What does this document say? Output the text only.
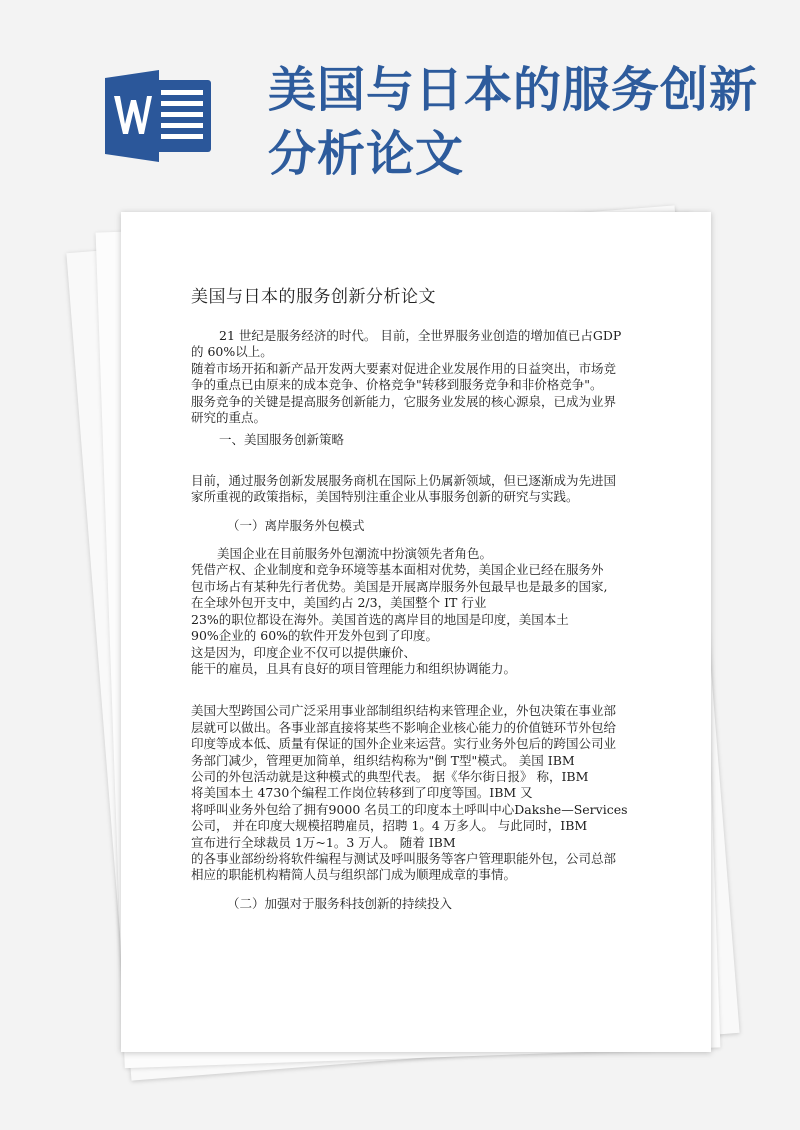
美国与日本的服务创新
分析论文
美国与日本的服务创新分析论文

21 世纪是服务经济的时代。 目前，全世界服务业创造的增加值已占GDP

的 60%以上。

随着市场开拓和新产品开发两大要素对促进企业发展作用的日益突出，市场竞

争的重点已由原来的成本竞争、价格竞争"转移到服务竞争和非价格竞争"。

服务竞争的关键是提高服务创新能力，它服务业发展的核心源泉，已成为业界

研究的重点。

一、美国服务创新策略

目前，通过服务创新发展服务商机在国际上仍属新领域，但已逐渐成为先进国

家所重视的政策指标，美国特别注重企业从事服务创新的研究与实践。

（一）离岸服务外包模式

美国企业在目前服务外包潮流中扮演领先者角色。

凭借产权、企业制度和竞争环境等基本面相对优势，美国企业已经在服务外

包市场占有某种先行者优势。美国是开展离岸服务外包最早也是最多的国家,

在全球外包开支中，美国约占 2/3，美国整个 IT 行业

23%的职位都设在海外。美国首选的离岸目的地国是印度，美国本土

90%企业的 60%的软件开发外包到了印度。

这是因为，印度企业不仅可以提供廉价、

能干的雇员，且具有良好的项目管理能力和组织协调能力。

美国大型跨国公司广泛采用事业部制组织结构来管理企业，外包决策在事业部

层就可以做出。各事业部直接将某些不影响企业核心能力的价值链环节外包给

印度等成本低、质量有保证的国外企业来运营。实行业务外包后的跨国公司业

务部门减少，管理更加简单，组织结构称为"倒 T型"模式。 美国 IBM

公司的外包活动就是这种模式的典型代表。 据《华尔街日报》 称，IBM

将美国本土 4730个编程工作岗位转移到了印度等国。IBM 又

将呼叫业务外包给了拥有9000 名员工的印度本土呼叫中心Dakshe—Services

公司， 并在印度大规模招聘雇员，招聘 1。4 万多人。 与此同时，IBM

宣布进行全球裁员 1万~1。3 万人。 随着 IBM

的各事业部纷纷将软件编程与测试及呼叫服务等客户管理职能外包，公司总部

相应的职能机构精简人员与组织部门成为顺理成章的事情。

（二）加强对于服务科技创新的持续投入
